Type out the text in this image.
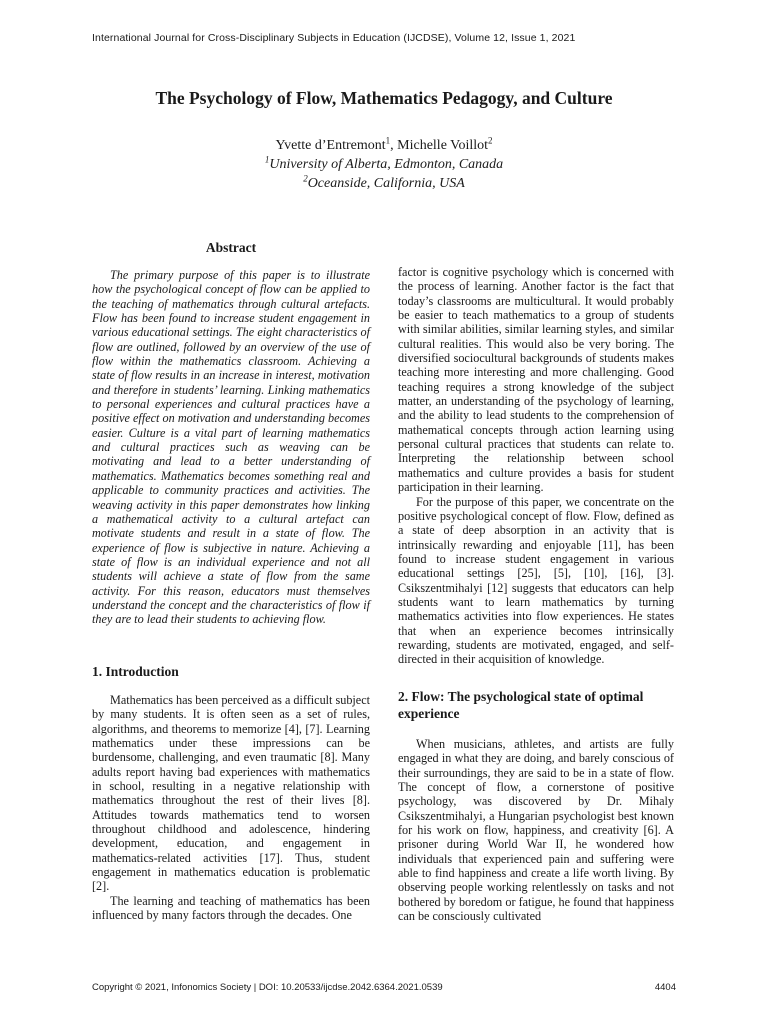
International Journal for Cross-Disciplinary Subjects in Education (IJCDSE), Volume 12, Issue 1, 2021
The Psychology of Flow, Mathematics Pedagogy, and Culture
Yvette d’Entremont$^1$, Michelle Voillot$^2$
$^1$University of Alberta, Edmonton, Canada
$^2$Oceanside, California, USA
Abstract

The primary purpose of this paper is to illustrate how the psychological concept of flow can be applied to the teaching of mathematics through cultural artefacts. Flow has been found to increase student engagement in various educational settings. The eight characteristics of flow are outlined, followed by an overview of the use of flow within the mathematics classroom. Achieving a state of flow results in an increase in interest, motivation and therefore in students’ learning. Linking mathematics to personal experiences and cultural practices have a positive effect on motivation and understanding becomes easier. Culture is a vital part of learning mathematics and cultural practices such as weaving can be motivating and lead to a better understanding of mathematics. Mathematics becomes something real and applicable to community practices and activities. The weaving activity in this paper demonstrates how linking a mathematical activity to a cultural artefact can motivate students and result in a state of flow. The experience of flow is subjective in nature. Achieving a state of flow is an individual experience and not all students will achieve a state of flow from the same activity. For this reason, educators must themselves understand the concept and the characteristics of flow if they are to lead their students to achieving flow.

1. Introduction

Mathematics has been perceived as a difficult subject by many students. It is often seen as a set of rules, algorithms, and theorems to memorize [4], [7]. Learning mathematics under these impressions can be burdensome, challenging, and even traumatic [8]. Many adults report having bad experiences with mathematics in school, resulting in a negative relationship with mathematics throughout the rest of their lives [8]. Attitudes towards mathematics tend to worsen throughout childhood and adolescence, hindering development, education, and engagement in mathematics-related activities [17]. Thus, student engagement in mathematics education is problematic [2].

The learning and teaching of mathematics has been influenced by many factors through the decades. One

factor is cognitive psychology which is concerned with the process of learning. Another factor is the fact that today’s classrooms are multicultural. It would probably be easier to teach mathematics to a group of students with similar abilities, similar learning styles, and similar cultural realities. This would also be very boring. The diversified sociocultural backgrounds of students makes teaching more interesting and more challenging. Good teaching requires a strong knowledge of the subject matter, an understanding of the psychology of learning, and the ability to lead students to the comprehension of mathematical concepts through action learning using personal cultural practices that students can relate to. Interpreting the relationship between school mathematics and culture provides a basis for student participation in their learning.

For the purpose of this paper, we concentrate on the positive psychological concept of flow. Flow, defined as a state of deep absorption in an activity that is intrinsically rewarding and enjoyable [11], has been found to increase student engagement in various educational settings [25], [5], [10], [16], [3]. Csikszentmihalyi [12] suggests that educators can help students want to learn mathematics by turning mathematics activities into flow experiences. He states that when an experience becomes intrinsically rewarding, students are motivated, engaged, and self-directed in their acquisition of knowledge.

2. Flow: The psychological state of optimal experience

When musicians, athletes, and artists are fully engaged in what they are doing, and barely conscious of their surroundings, they are said to be in a state of flow. The concept of flow, a cornerstone of positive psychology, was discovered by Dr. Mihaly Csikszentmihalyi, a Hungarian psychologist best known for his work on flow, happiness, and creativity [6]. A prisoner during World War II, he wondered how individuals that experienced pain and suffering were able to find happiness and create a life worth living. By observing people working relentlessly on tasks and not bothered by boredom or fatigue, he found that happiness can be consciously cultivated

Copyright © 2021, Infonomics Society | DOI: 10.20533/ijcdse.2042.6364.2021.0539	4404
